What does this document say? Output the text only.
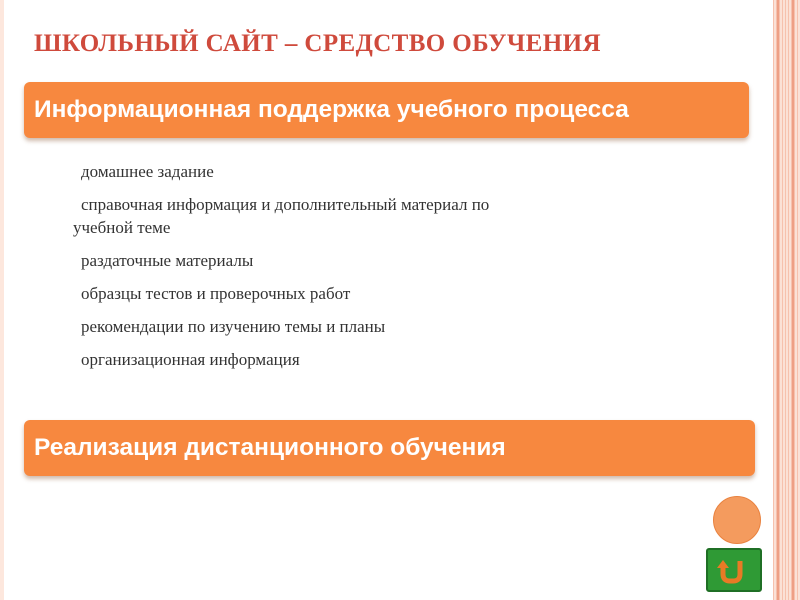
ШКОЛЬНЫЙ САЙТ – СРЕДСТВО ОБУЧЕНИЯ
Информационная поддержка учебного процесса
домашнее задание
справочная информация и дополнительный материал по
учебной теме
раздаточные материалы
образцы тестов и проверочных работ
рекомендации по изучению темы и планы
организационная информация
Реализация дистанционного обучения
